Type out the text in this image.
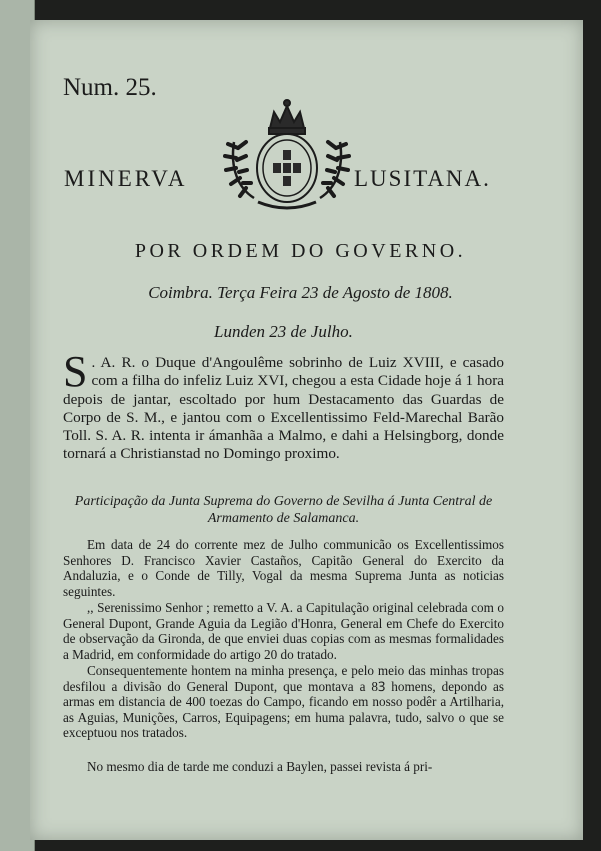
Num. 25.
MINERVA	LUSITANA.
POR ORDEM DO GOVERNO.
Coimbra. Terça Feira 23 de Agosto de 1808.
Lunden 23 de Julho.
S . A. R. o Duque d'Angoulême sobrinho de Luiz XVIII, e casado com a filha do infeliz Luiz XVI, chegou a esta Cidade hoje á 1 hora depois de jantar, escoltado por hum Destacamento das Guardas de Corpo de S. M., e jantou com o Excellentissimo Feld-Marechal Barão Toll. S. A. R. intenta ir ámanhãa a Malmo, e dahi a Helsingborg, donde tornará a Christianstad no Domingo proximo.
Participação da Junta Suprema do Governo de Sevilha á Junta Central de Armamento de Salamanca.

Em data de 24 do corrente mez de Julho communicão os Excellentissimos Senhores D. Francisco Xavier Castaños, Capitão General do Exercito da Andaluzia, e o Conde de Tilly, Vogal da mesma Suprema Junta as noticias seguintes.

,, Serenissimo Senhor ; remetto a V. A. a Capitulação original celebrada com o General Dupont, Grande Aguia da Legião d'Honra, General em Chefe do Exercito de observação da Gironda, de que enviei duas copias com as mesmas formalidades a Madrid, em conformidade do artigo 20 do tratado.

Consequentemente hontem na minha presença, e pelo meio das minhas tropas desfilou a divisão do General Dupont, que montava a 8Ꝫ homens, depondo as armas em distancia de 400 toezas do Campo, ficando em nosso podêr a Artilharia, as Aguias, Munições, Carros, Equipagens; em huma palavra, tudo, salvo o que se exceptuou nos tratados.

No mesmo dia de tarde me conduzi a Baylen, passei revista á pri-
